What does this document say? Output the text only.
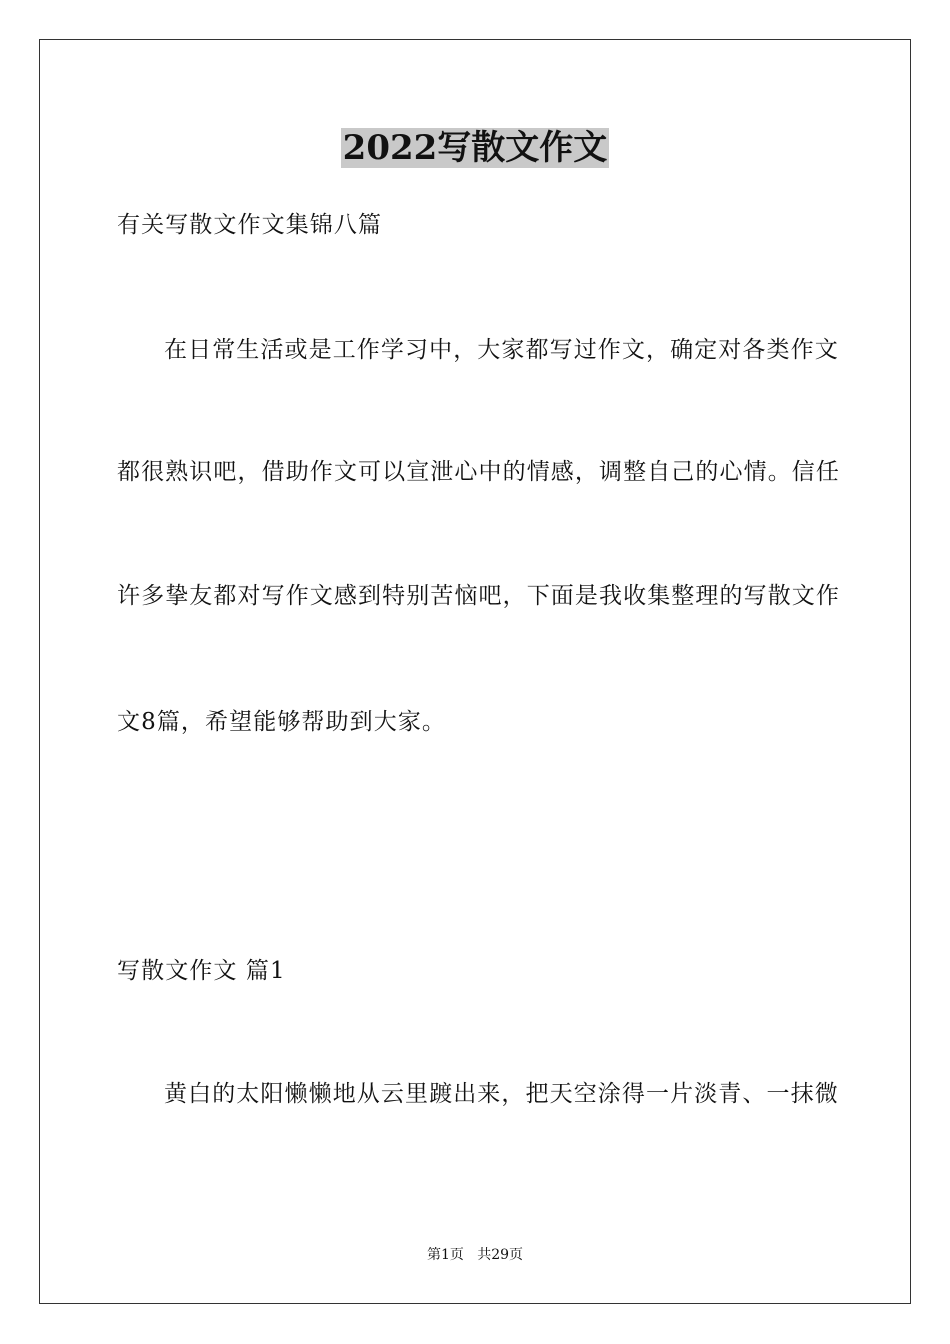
2022写散文作文
有关写散文作文集锦八篇
在日常生活或是工作学习中，大家都写过作文，确定对各类作文
都很熟识吧，借助作文可以宣泄心中的情感，调整自己的心情。信任
许多挚友都对写作文感到特别苦恼吧，下面是我收集整理的写散文作
文8篇，希望能够帮助到大家。
写散文作文 篇1
黄白的太阳懒懒地从云里踱出来，把天空涂得一片淡青、一抹微
第1页   共29页
